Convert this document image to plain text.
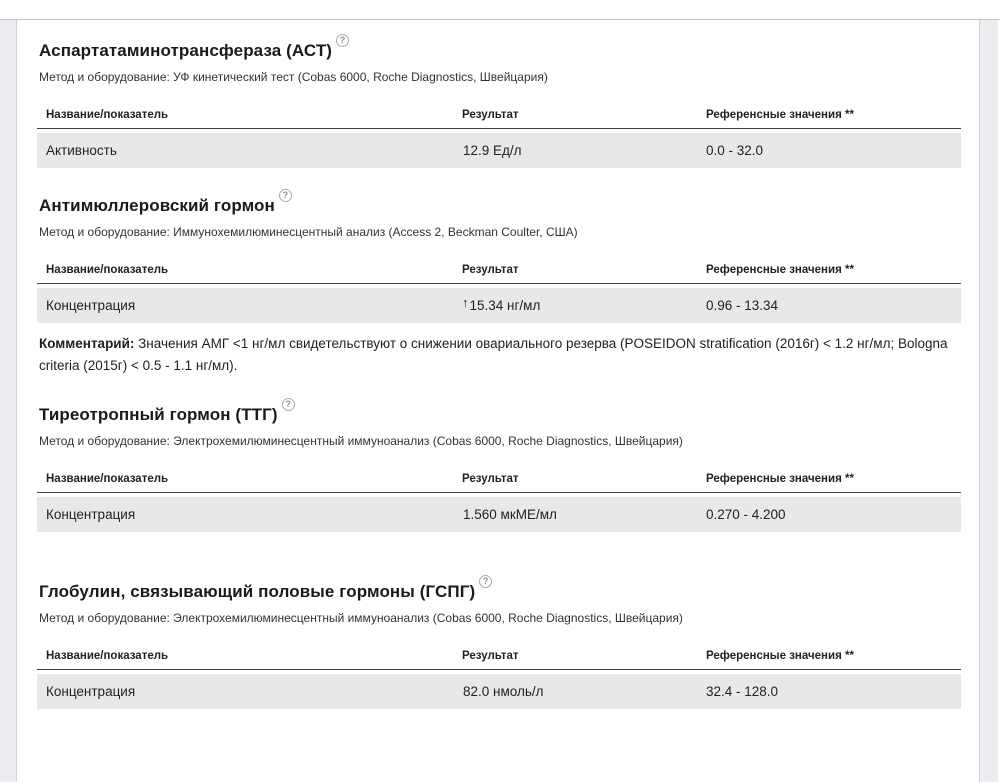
Аспартатаминотрансфераза (АСТ)?
Метод и оборудование: УФ кинетический тест (Cobas 6000, Roche Diagnostics, Швейцария)
Название/показатель	Результат	Референсные значения **
Активность	12.9 Ед/л	0.0 - 32.0
Антимюллеровский гормон?
Метод и оборудование: Иммунохемилюминесцентный анализ (Access 2, Beckman Coulter, США)
Название/показатель	Результат	Референсные значения **
Концентрация	↑15.34 нг/мл	0.96 - 13.34
Комментарий: Значения АМГ <1 нг/мл свидетельствуют о снижении овариального резерва (POSEIDON stratification (2016г) < 1.2 нг/мл; Bologna criteria (2015г) < 0.5 - 1.1 нг/мл).
Тиреотропный гормон (ТТГ)?
Метод и оборудование: Электрохемилюминесцентный иммуноанализ (Cobas 6000, Roche Diagnostics, Швейцария)
Название/показатель	Результат	Референсные значения **
Концентрация	1.560 мкМЕ/мл	0.270 - 4.200
Глобулин, связывающий половые гормоны (ГСПГ)?
Метод и оборудование: Электрохемилюминесцентный иммуноанализ (Cobas 6000, Roche Diagnostics, Швейцария)
Название/показатель	Результат	Референсные значения **
Концентрация	82.0 нмоль/л	32.4 - 128.0
